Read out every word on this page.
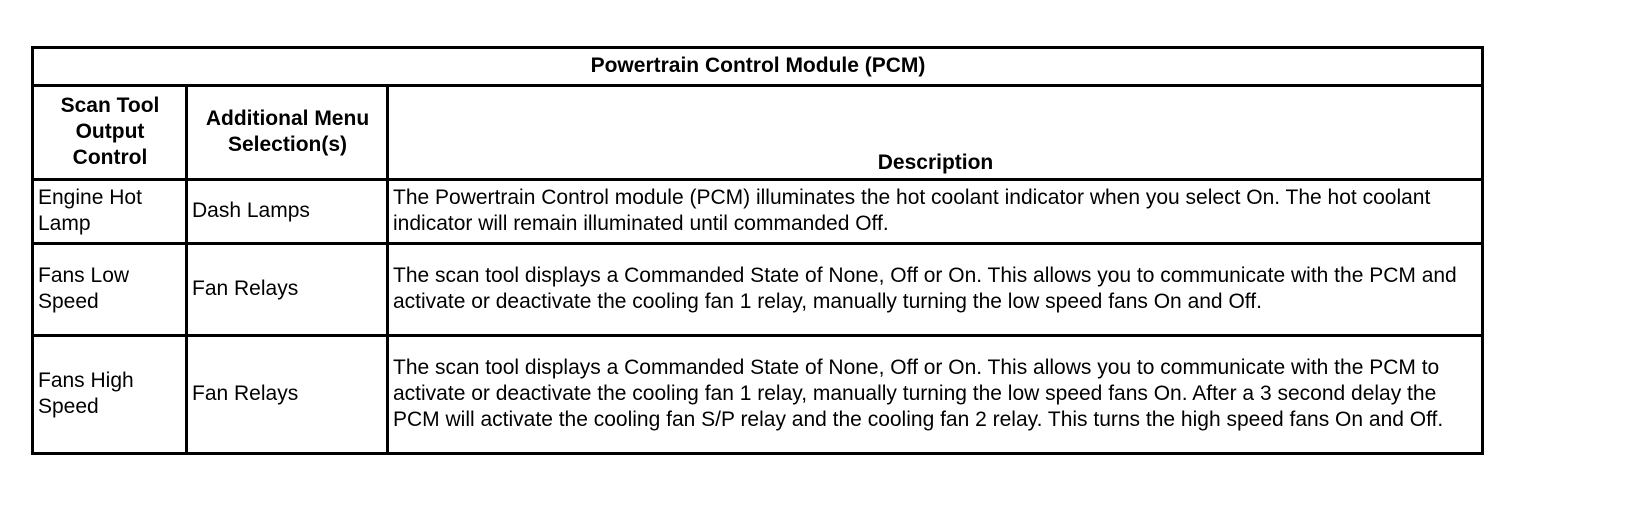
Powertrain Control Module (PCM)		
Scan Tool Output Control	Additional Menu Selection(s)	Description
Engine Hot Lamp	Dash Lamps	The Powertrain Control module (PCM) illuminates the hot coolant indicator when you select On. The hot coolant indicator will remain illuminated until commanded Off.
Fans Low Speed	Fan Relays	The scan tool displays a Commanded State of None, Off or On. This allows you to communicate with the PCM and activate or deactivate the cooling fan 1 relay, manually turning the low speed fans On and Off.
Fans High Speed	Fan Relays	The scan tool displays a Commanded State of None, Off or On. This allows you to communicate with the PCM to activate or deactivate the cooling fan 1 relay, manually turning the low speed fans On. After a 3 second delay the PCM will activate the cooling fan S/P relay and the cooling fan 2 relay. This turns the high speed fans On and Off.
